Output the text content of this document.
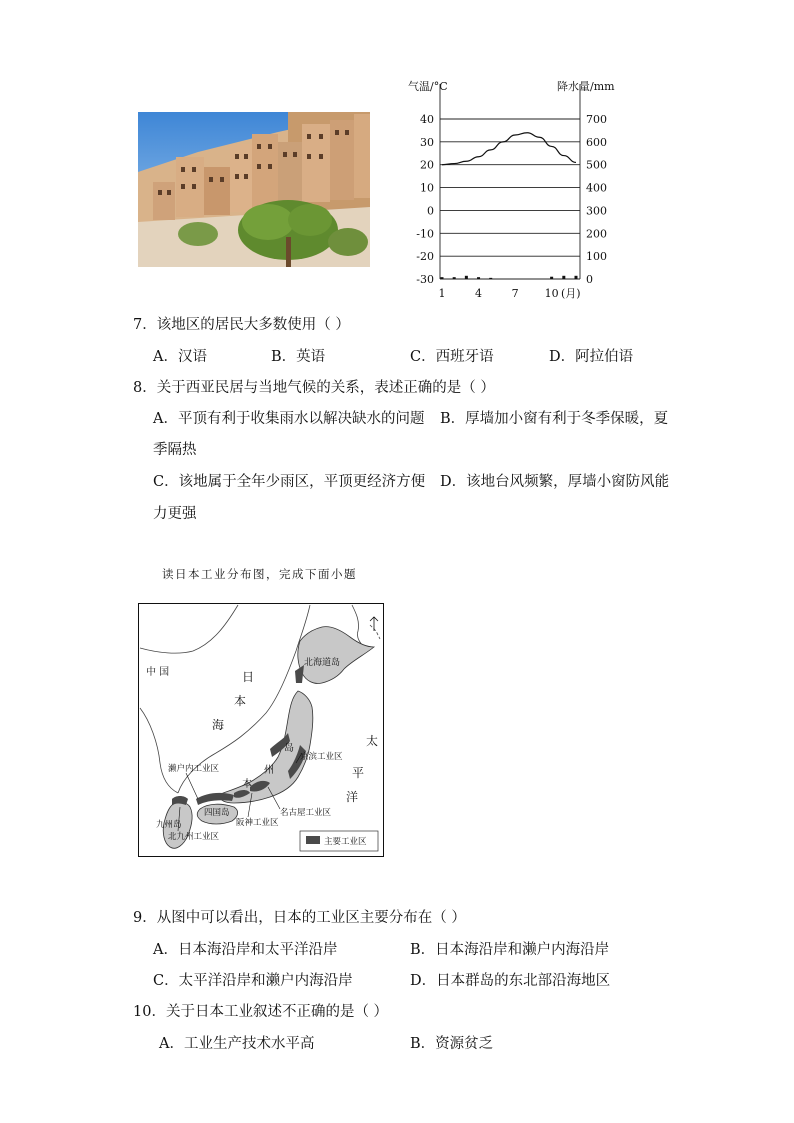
气温/°C	降水量/mm
40
30
20
10
0
-10
-20
-30
700
600
500
400
300
200
100
0
1	4	7 10 (月)
7．该地区的居民大多数使用（ ）
A．汉语	B．英语	C．西班牙语	D．阿拉伯语
8．关于西亚民居与当地气候的关系，表述正确的是（ ）
A．平顶有利于收集雨水以解决缺水的问题 B．厚墙加小窗有利于冬季保暖，夏
季隔热
C．该地属于全年少雨区，平顶更经济方便 D．该地台风频繁，厚墙小窗防风能
力更强
读日本工业分布图，完成下面小题
中 国	日
本
海
太
平
洋
北海道岛
岛
州
本
京滨工业区
濑户内工业区
四国岛
九州岛	阪神工业区
北九州工业区
名古屋工业区
主要工业区
9．从图中可以看出，日本的工业区主要分布在（ ）
A．日本海沿岸和太平洋沿岸	B．日本海沿岸和濑户内海沿岸
C．太平洋沿岸和濑户内海沿岸	D．日本群岛的东北部沿海地区
10．关于日本工业叙述不正确的是（ ）
A．工业生产技术水平高	B．资源贫乏
